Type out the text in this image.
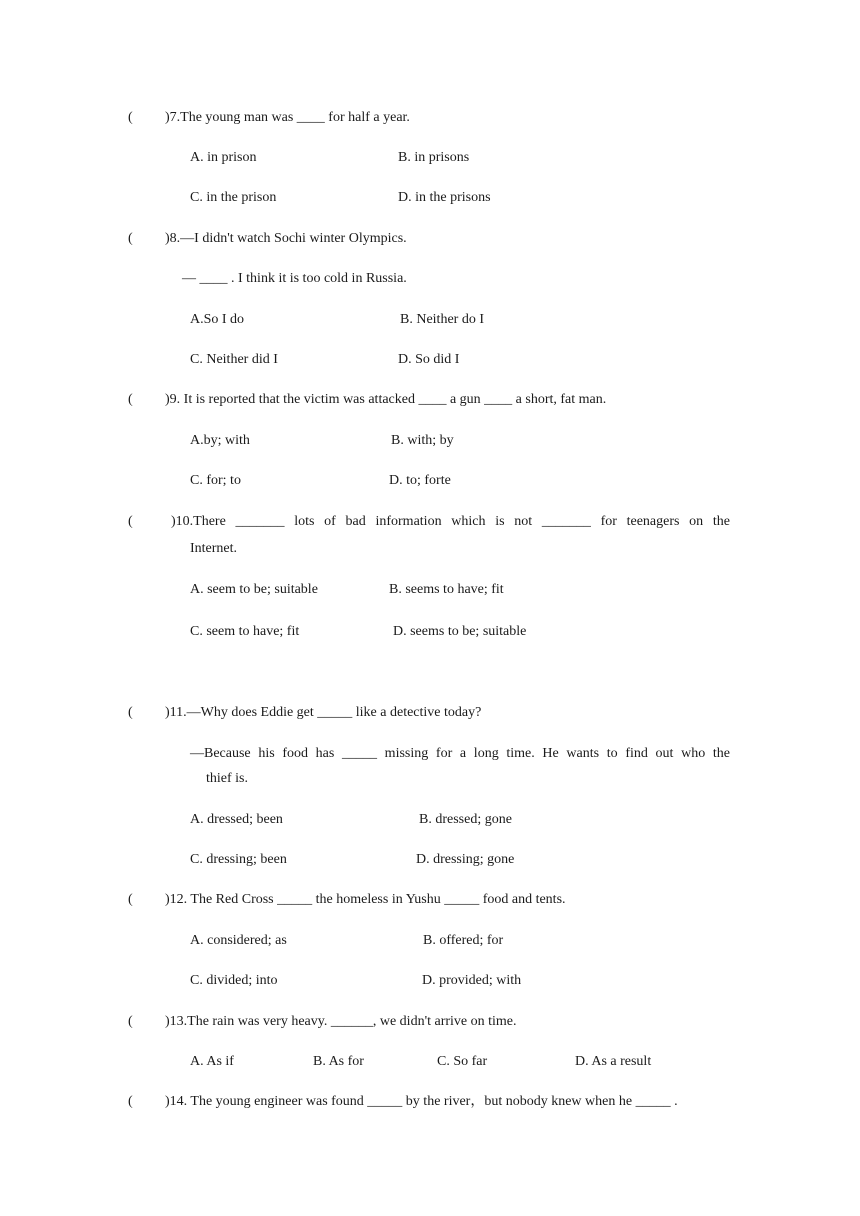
( )7.The young man was ____ for half a year.
A. in prison	B. in prisons
C. in the prison	D. in the prisons
( )8.—I didn't watch Sochi winter Olympics.
— ____ . I think it is too cold in Russia.
A.So I do	B. Neither do I
C. Neither did I	D. So did I
( )9. It is reported that the victim was attacked ____ a gun ____ a short, fat man.
A.by; with	B. with; by
C. for; to	D. to; forte
(	)10.There _______ lots of bad information which is not _______ for teenagers on the
Internet.
A. seem to be; suitable	B. seems to have; fit
C. seem to have; fit	D. seems to be; suitable
( )11.—Why does Eddie get _____ like a detective today?
—Because his food has _____ missing for a long time. He wants to find out who the
thief is.
A. dressed; been	B. dressed; gone
C. dressing; been	D. dressing; gone
( )12. The Red Cross _____ the homeless in Yushu _____ food and tents.
A. considered; as	B. offered; for
C. divided; into	D. provided; with
( )13.The rain was very heavy. ______, we didn't arrive on time.
A. As if	B. As for	C. So far	D. As a result
( )14. The young engineer was found _____ by the river，but nobody knew when he _____ .
